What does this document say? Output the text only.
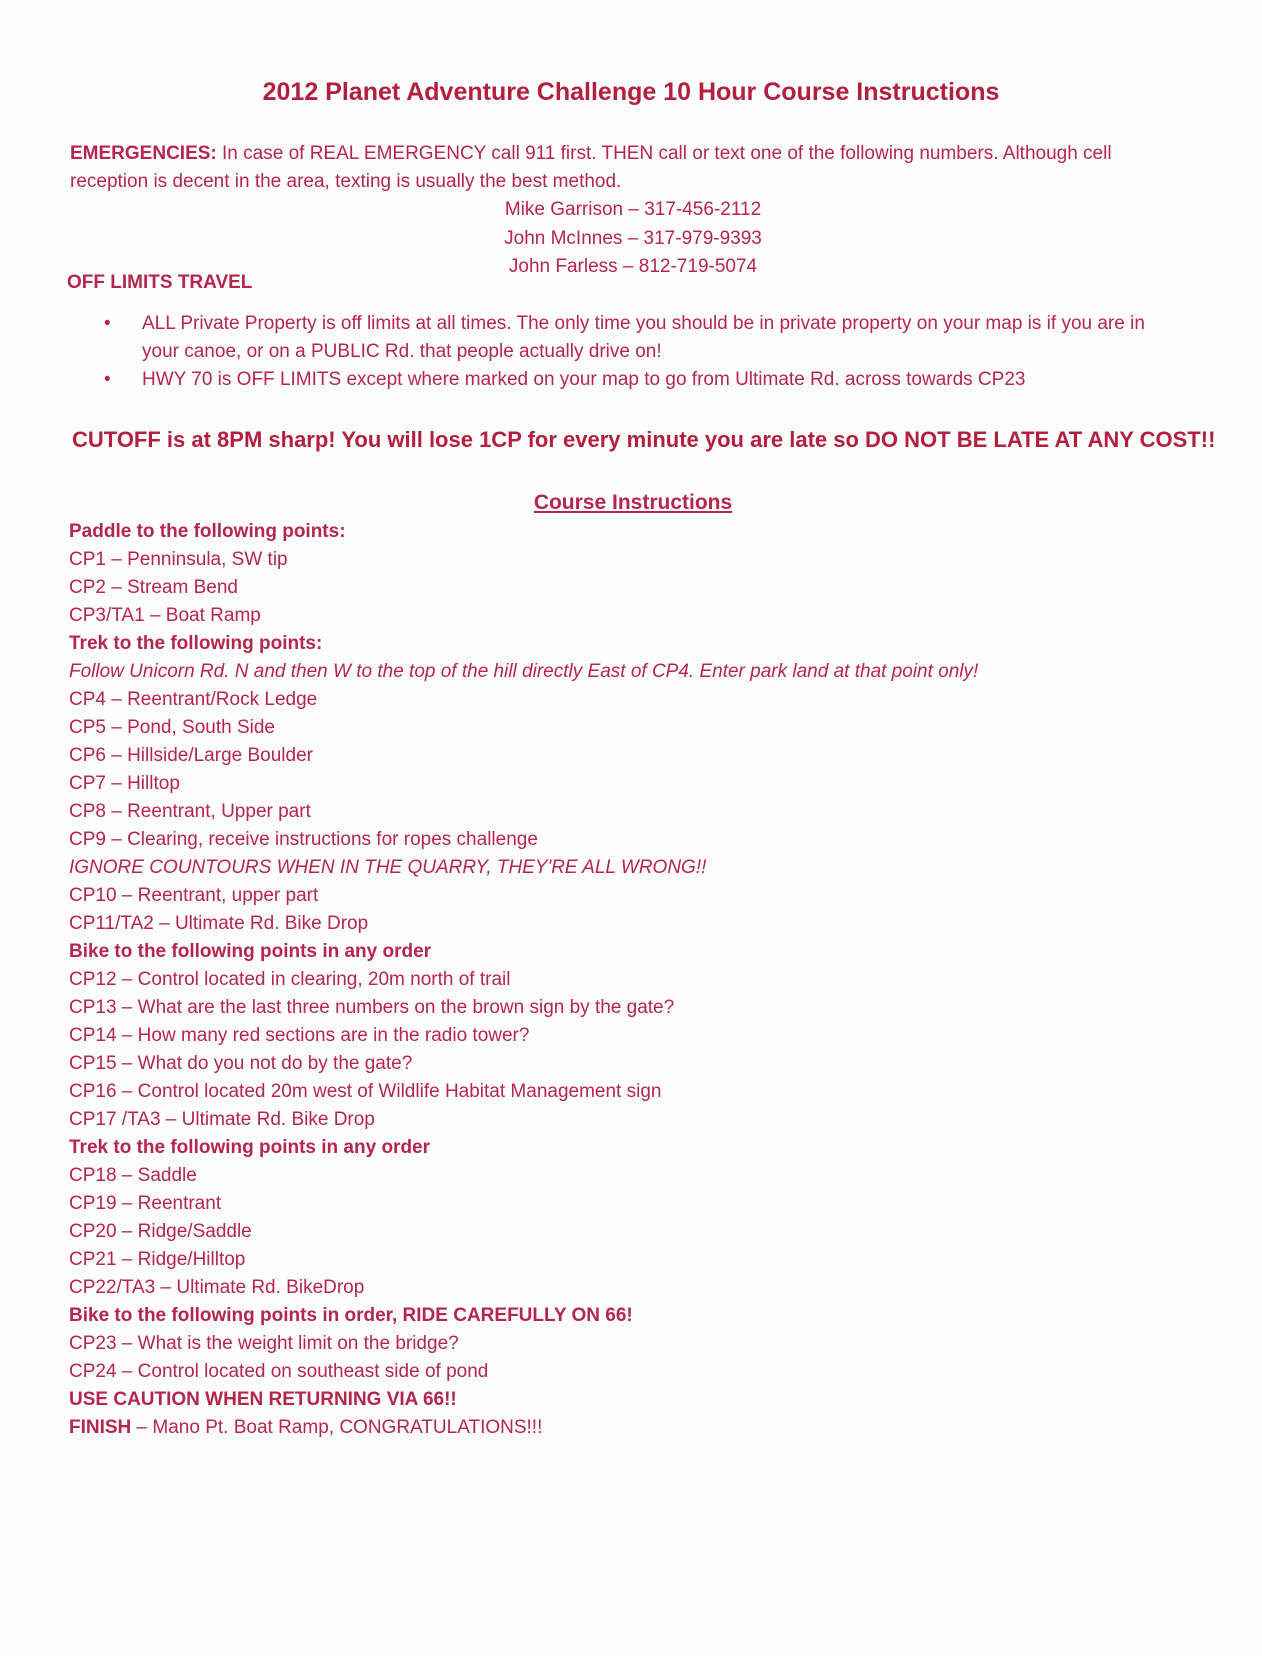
2012 Planet Adventure Challenge 10 Hour Course Instructions

EMERGENCIES: In case of REAL EMERGENCY call 911 first. THEN call or text one of the following numbers. Although cell reception is decent in the area, texting is usually the best method.

Mike Garrison – 317-456-2112
John McInnes – 317-979-9393
John Farless – 812-719-5074
OFF LIMITS TRAVEL
• ALL Private Property is off limits at all times. The only time you should be in private property on your map is if you are in your canoe, or on a PUBLIC Rd. that people actually drive on!
• HWY 70 is OFF LIMITS except where marked on your map to go from Ultimate Rd. across towards CP23

CUTOFF is at 8PM sharp! You will lose 1CP for every minute you are late so DO NOT BE LATE AT ANY COST!!

Course Instructions
Paddle to the following points:
CP1 – Penninsula, SW tip
CP2 – Stream Bend
CP3/TA1 – Boat Ramp
Trek to the following points:
Follow Unicorn Rd. N and then W to the top of the hill directly East of CP4. Enter park land at that point only!
CP4 – Reentrant/Rock Ledge
CP5 – Pond, South Side
CP6 – Hillside/Large Boulder
CP7 – Hilltop
CP8 – Reentrant, Upper part
CP9 – Clearing, receive instructions for ropes challenge
IGNORE COUNTOURS WHEN IN THE QUARRY, THEY'RE ALL WRONG!!
CP10 – Reentrant, upper part
CP11/TA2 – Ultimate Rd. Bike Drop
Bike to the following points in any order
CP12 – Control located in clearing, 20m north of trail
CP13 – What are the last three numbers on the brown sign by the gate?
CP14 – How many red sections are in the radio tower?
CP15 – What do you not do by the gate?
CP16 – Control located 20m west of Wildlife Habitat Management sign
CP17 /TA3 – Ultimate Rd. Bike Drop
Trek to the following points in any order
CP18 – Saddle
CP19 – Reentrant
CP20 – Ridge/Saddle
CP21 – Ridge/Hilltop
CP22/TA3 – Ultimate Rd. BikeDrop
Bike to the following points in order, RIDE CAREFULLY ON 66!
CP23 – What is the weight limit on the bridge?
CP24 – Control located on southeast side of pond
USE CAUTION WHEN RETURNING VIA 66!!
FINISH – Mano Pt. Boat Ramp, CONGRATULATIONS!!!
